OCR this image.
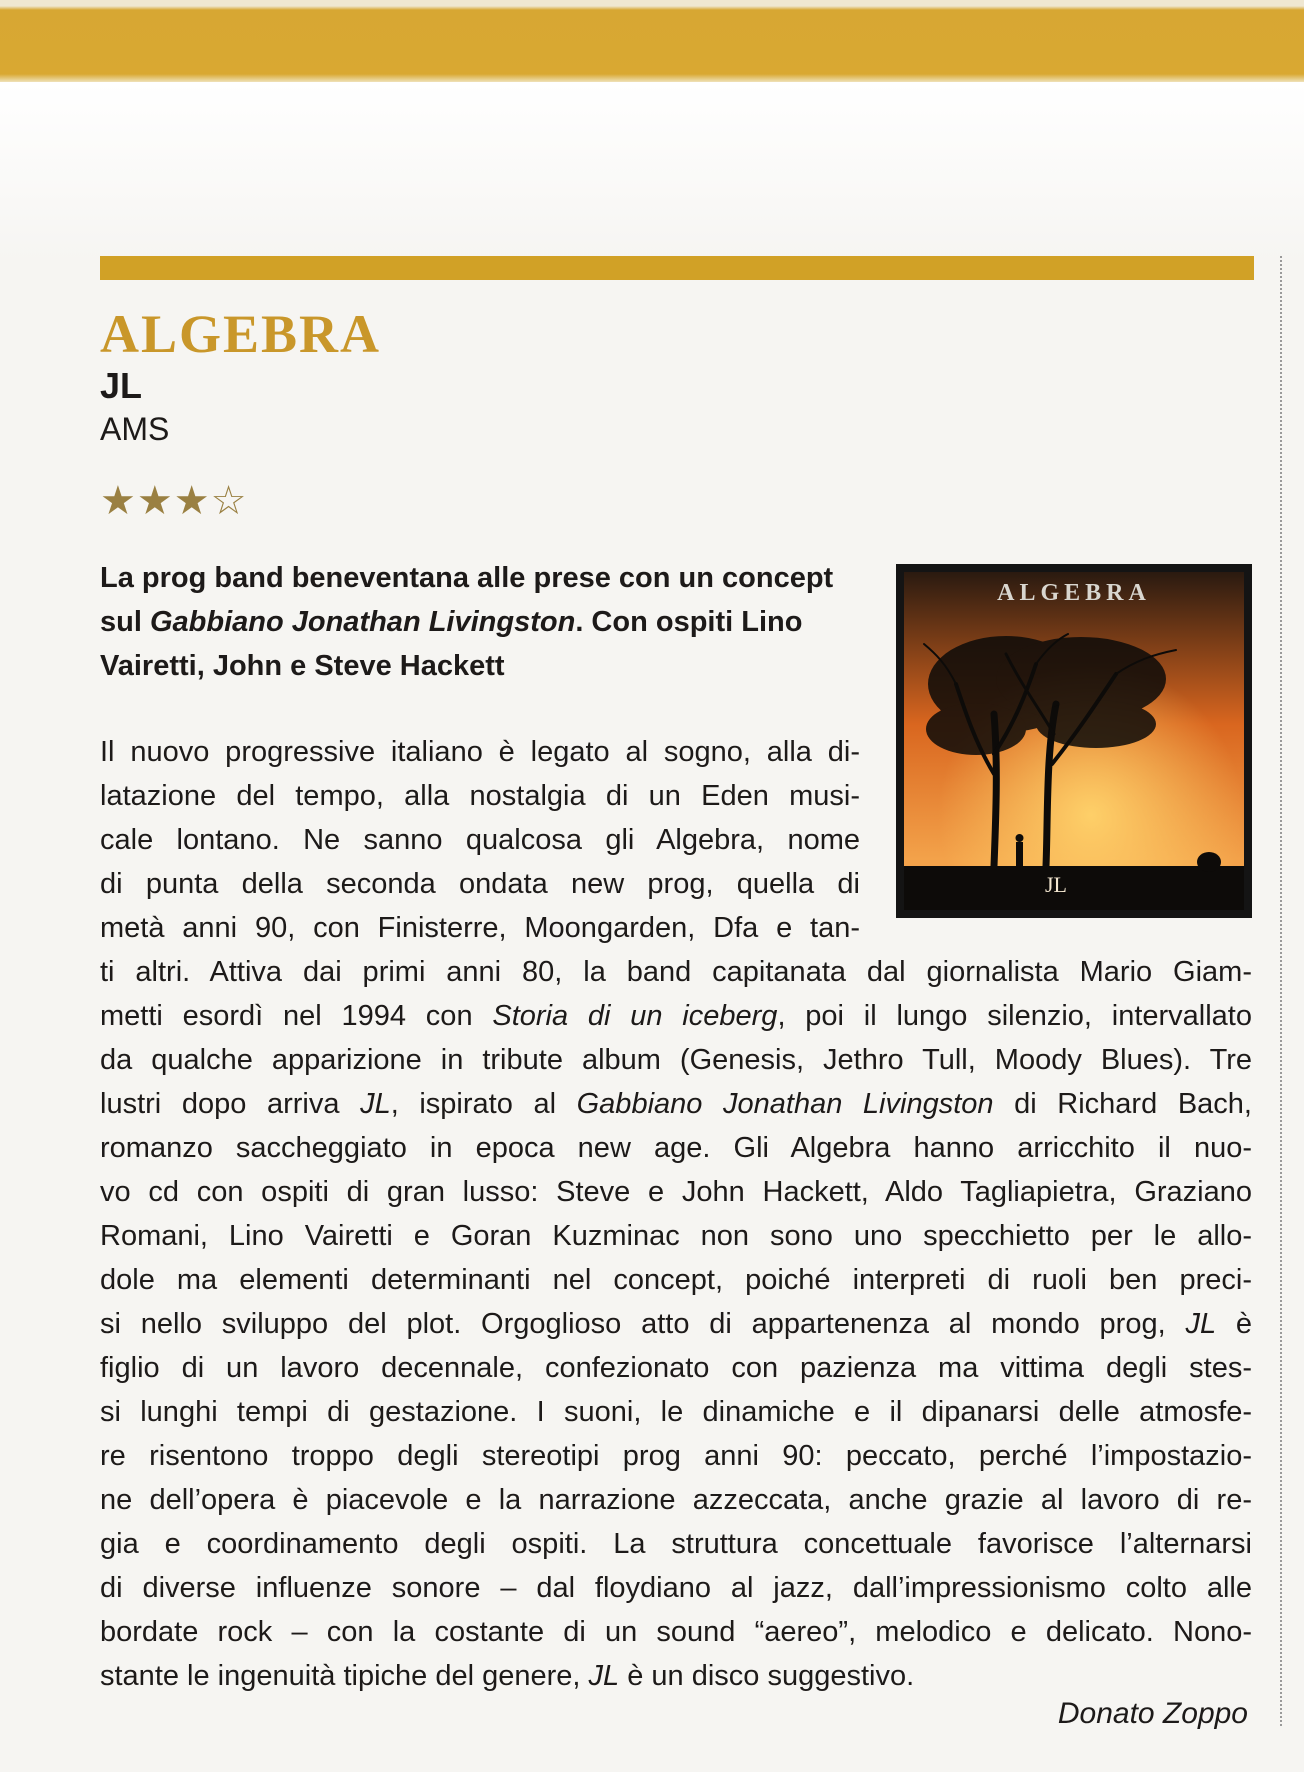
ALGEBRA
JL

AMS

★★★☆
ALGEBRA
JL

La prog band beneventana alle prese con un concept sul Gabbiano Jonathan Livingston. Con ospiti Lino Vairetti, John e Steve Hackett

Il nuovo progressive italiano è legato al sogno, alla di-
latazione del tempo, alla nostalgia di un Eden musi-
cale lontano. Ne sanno qualcosa gli Algebra, nome
di punta della seconda ondata new prog, quella di
metà anni 90, con Finisterre, Moongarden, Dfa e tan-
ti altri. Attiva dai primi anni 80, la band capitanata dal giornalista Mario Giam-
metti esordì nel 1994 con Storia di un iceberg, poi il lungo silenzio, intervallato
da qualche apparizione in tribute album (Genesis, Jethro Tull, Moody Blues). Tre
lustri dopo arriva JL, ispirato al Gabbiano Jonathan Livingston di Richard Bach,
romanzo saccheggiato in epoca new age. Gli Algebra hanno arricchito il nuo-
vo cd con ospiti di gran lusso: Steve e John Hackett, Aldo Tagliapietra, Graziano
Romani, Lino Vairetti e Goran Kuzminac non sono uno specchietto per le allo-
dole ma elementi determinanti nel concept, poiché interpreti di ruoli ben preci-
si nello sviluppo del plot. Orgoglioso atto di appartenenza al mondo prog, JL è
figlio di un lavoro decennale, confezionato con pazienza ma vittima degli stes-
si lunghi tempi di gestazione. I suoni, le dinamiche e il dipanarsi delle atmosfe-
re risentono troppo degli stereotipi prog anni 90: peccato, perché l’impostazio-
ne dell’opera è piacevole e la narrazione azzeccata, anche grazie al lavoro di re-
gia e coordinamento degli ospiti. La struttura concettuale favorisce l’alternarsi
di diverse influenze sonore – dal floydiano al jazz, dall’impressionismo colto alle
bordate rock – con la costante di un sound “aereo”, melodico e delicato. Nono-
stante le ingenuità tipiche del genere, JL è un disco suggestivo.

Donato Zoppo
